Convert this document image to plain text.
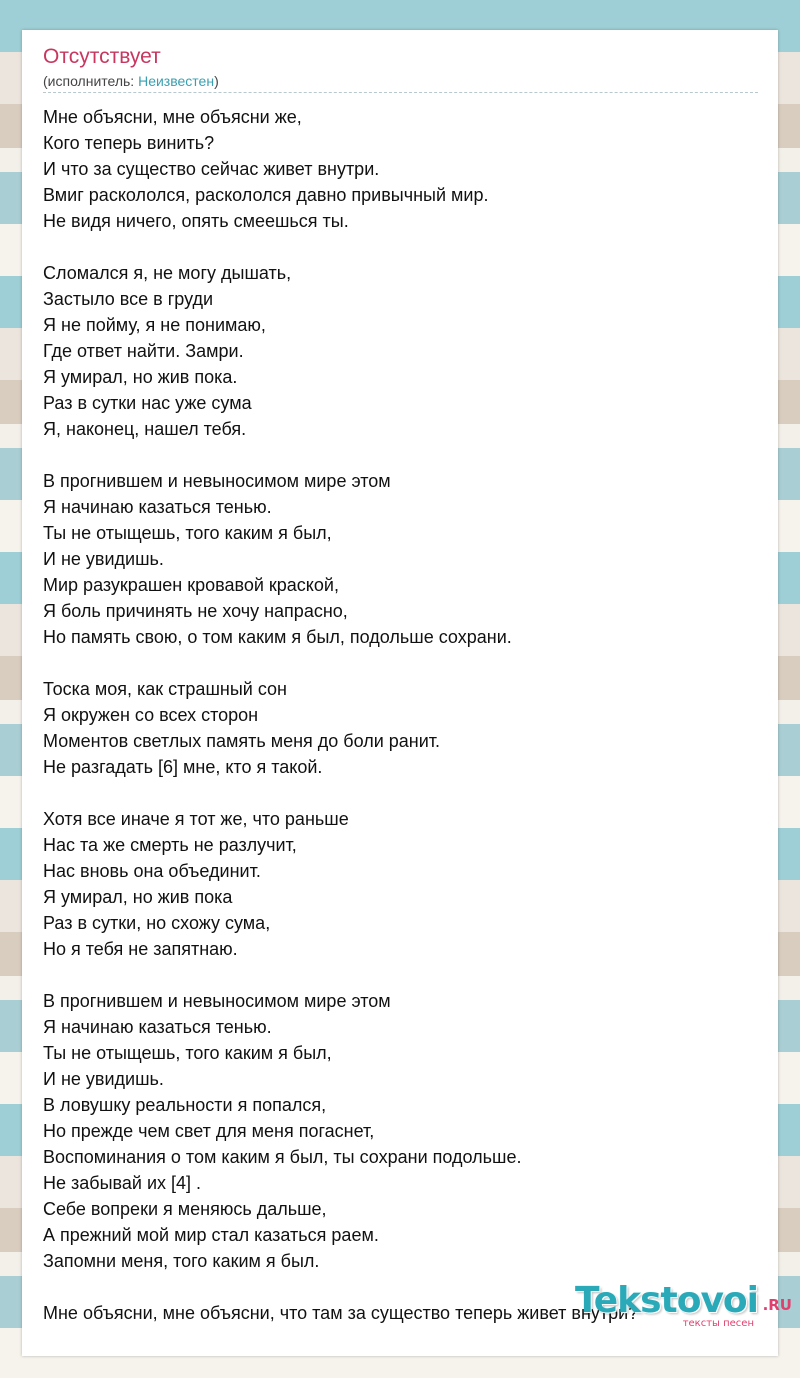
Отсутствует
(исполнитель: Неизвестен)
Мне объясни, мне объясни же,
Кого теперь винить?
И что за существо сейчас живет внутри.
Вмиг раскололся, раскололся давно привычный мир.
Не видя ничего, опять смеешься ты.
Сломался я, не могу дышать,
Застыло все в груди
Я не пойму, я не понимаю,
Где ответ найти. Замри.
Я умирал, но жив пока.
Раз в сутки нас уже сума
Я, наконец, нашел тебя.
В прогнившем и невыносимом мире этом
Я начинаю казаться тенью.
Ты не отыщешь, того каким я был,
И не увидишь.
Мир разукрашен кровавой краской,
Я боль причинять не хочу напрасно,
Но память свою, о том каким я был, подольше сохрани.
Тоска моя, как страшный сон
Я окружен со всех сторон
Моментов светлых память меня до боли ранит.
Не разгадать [6] мне, кто я такой.
Хотя все иначе я тот же, что раньше
Нас та же смерть не разлучит,
Нас вновь она объединит.
Я умирал, но жив пока
Раз в сутки, но схожу сума,
Но я тебя не запятнаю.
В прогнившем и невыносимом мире этом
Я начинаю казаться тенью.
Ты не отыщешь, того каким я был,
И не увидишь.
В ловушку реальности я попался,
Но прежде чем свет для меня погаснет,
Воспоминания о том каким я был, ты сохрани подольше.
Не забывай их [4] .
Себе вопреки я меняюсь дальше,
А прежний мой мир стал казаться раем.
Запомни меня, того каким я был.
Мне объясни, мне объясни, что там за существо теперь живет внутри?
Tekstovoi .RU
тексты песен
